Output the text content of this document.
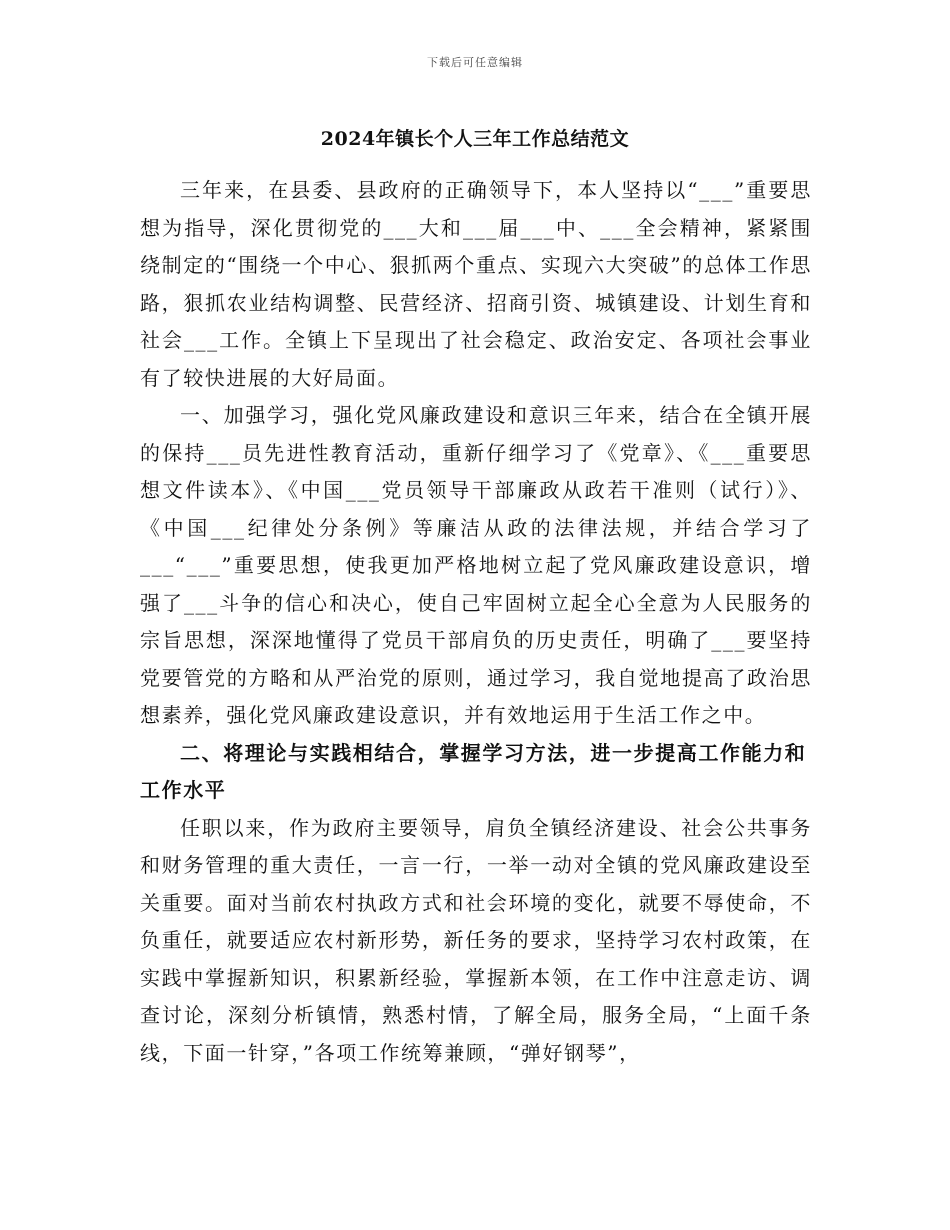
下载后可任意编辑
2024年镇长个人三年工作总结范文

三年来，在县委、县政府的正确领导下，本人坚持以“___”重要思想为指导，深化贯彻党的___大和___届___中、___全会精神，紧紧围绕制定的“围绕一个中心、狠抓两个重点、实现六大突破”的总体工作思路，狠抓农业结构调整、民营经济、招商引资、城镇建设、计划生育和社会___工作。全镇上下呈现出了社会稳定、政治安定、各项社会事业有了较快进展的大好局面。

一、加强学习，强化党风廉政建设和意识三年来，结合在全镇开展的保持___员先进性教育活动，重新仔细学习了《党章》、《___重要思想文件读本》、《中国___党员领导干部廉政从政若干准则（试行）》、《中国___纪律处分条例》等廉洁从政的法律法规，并结合学习了___“___”重要思想，使我更加严格地树立起了党风廉政建设意识，增强了___斗争的信心和决心，使自己牢固树立起全心全意为人民服务的宗旨思想，深深地懂得了党员干部肩负的历史责任，明确了___要坚持党要管党的方略和从严治党的原则，通过学习，我自觉地提高了政治思想素养，强化党风廉政建设意识，并有效地运用于生活工作之中。

二、将理论与实践相结合，掌握学习方法，进一步提高工作能力和工作水平

任职以来，作为政府主要领导，肩负全镇经济建设、社会公共事务和财务管理的重大责任，一言一行，一举一动对全镇的党风廉政建设至关重要。面对当前农村执政方式和社会环境的变化，就要不辱使命，不负重任，就要适应农村新形势，新任务的要求，坚持学习农村政策，在实践中掌握新知识，积累新经验，掌握新本领，在工作中注意走访、调查讨论，深刻分析镇情，熟悉村情，了解全局，服务全局，“上面千条线，下面一针穿，”各项工作统筹兼顾，“弹好钢琴”，
